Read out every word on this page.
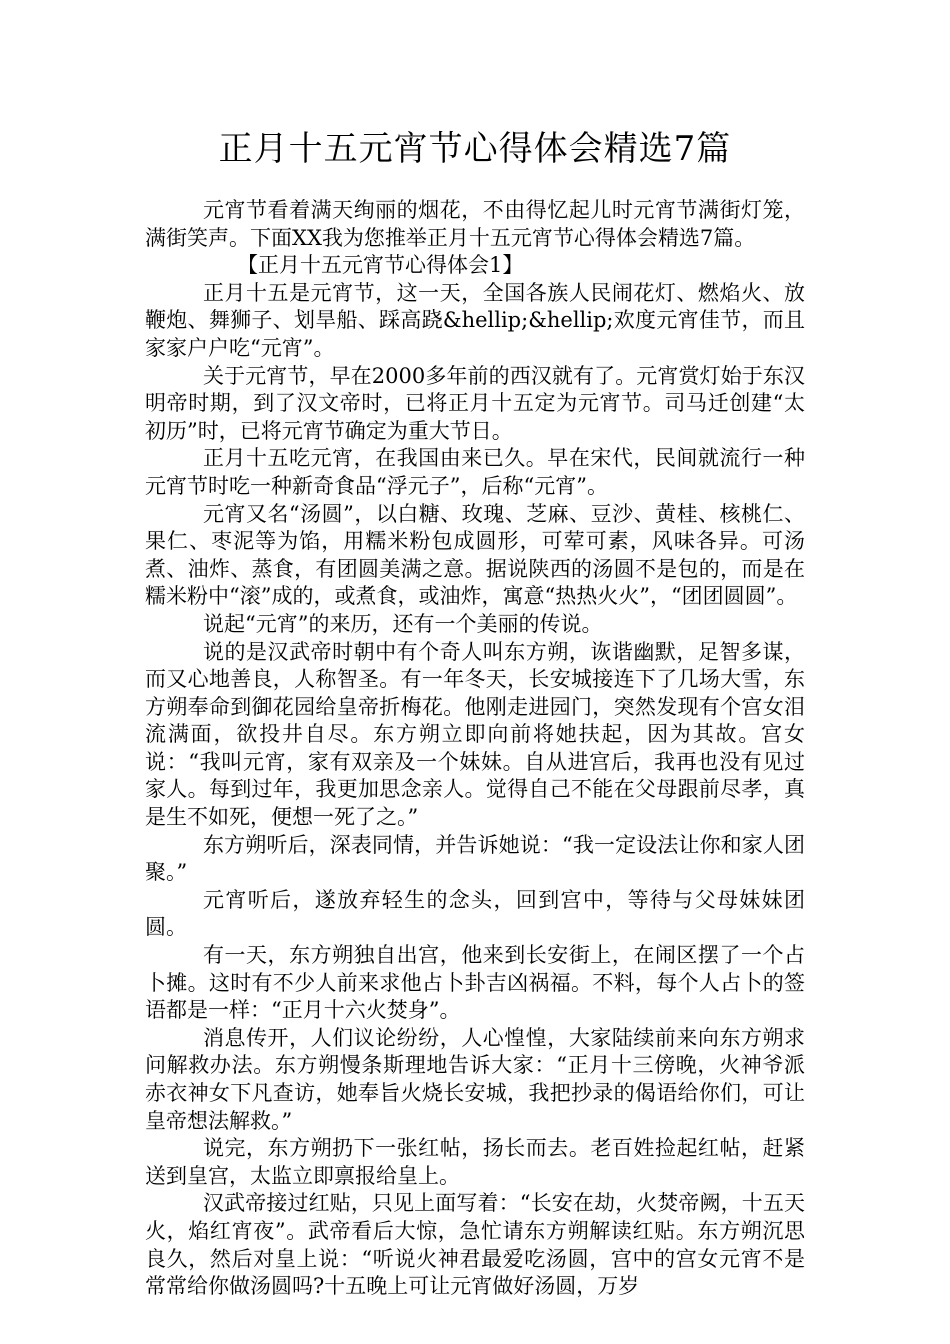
正月十五元宵节心得体会精选7篇

元宵节看着满天绚丽的烟花，不由得忆起儿时元宵节满街灯笼，满街笑声。下面XX我为您推举正月十五元宵节心得体会精选7篇。

【正月十五元宵节心得体会1】

正月十五是元宵节，这一天，全国各族人民闹花灯、燃焰火、放鞭炮、舞狮子、划旱船、踩高跷&hellip;&hellip;欢度元宵佳节，而且家家户户吃“元宵”。

关于元宵节，早在2000多年前的西汉就有了。元宵赏灯始于东汉明帝时期，到了汉文帝时，已将正月十五定为元宵节。司马迁创建“太初历”时，已将元宵节确定为重大节日。

正月十五吃元宵，在我国由来已久。早在宋代，民间就流行一种元宵节时吃一种新奇食品“浮元子”，后称“元宵”。

元宵又名“汤圆”，以白糖、玫瑰、芝麻、豆沙、黄桂、核桃仁、果仁、枣泥等为馅，用糯米粉包成圆形，可荤可素，风味各异。可汤煮、油炸、蒸食，有团圆美满之意。据说陕西的汤圆不是包的，而是在糯米粉中“滚”成的，或煮食，或油炸，寓意“热热火火”，“团团圆圆”。

说起“元宵”的来历，还有一个美丽的传说。

说的是汉武帝时朝中有个奇人叫东方朔，诙谐幽默，足智多谋，而又心地善良，人称智圣。有一年冬天，长安城接连下了几场大雪，东方朔奉命到御花园给皇帝折梅花。他刚走进园门，突然发现有个宫女泪流满面，欲投井自尽。东方朔立即向前将她扶起，因为其故。宫女说：“我叫元宵，家有双亲及一个妹妹。自从进宫后，我再也没有见过家人。每到过年，我更加思念亲人。觉得自己不能在父母跟前尽孝，真是生不如死，便想一死了之。”

东方朔听后，深表同情，并告诉她说：“我一定设法让你和家人团聚。”

元宵听后，遂放弃轻生的念头，回到宫中，等待与父母妹妹团圆。

有一天，东方朔独自出宫，他来到长安街上，在闹区摆了一个占卜摊。这时有不少人前来求他占卜卦吉凶祸福。不料，每个人占卜的签语都是一样：“正月十六火焚身”。

消息传开，人们议论纷纷，人心惶惶，大家陆续前来向东方朔求问解救办法。东方朔慢条斯理地告诉大家：“正月十三傍晚，火神爷派赤衣神女下凡查访，她奉旨火烧长安城，我把抄录的偈语给你们，可让皇帝想法解救。”

说完，东方朔扔下一张红帖，扬长而去。老百姓捡起红帖，赶紧送到皇宫，太监立即禀报给皇上。

汉武帝接过红贴，只见上面写着：“长安在劫，火焚帝阙，十五天火，焰红宵夜”。武帝看后大惊，急忙请东方朔解读红贴。东方朔沉思良久，然后对皇上说：“听说火神君最爱吃汤圆，宫中的宫女元宵不是常常给你做汤圆吗?十五晚上可让元宵做好汤圆，万岁
